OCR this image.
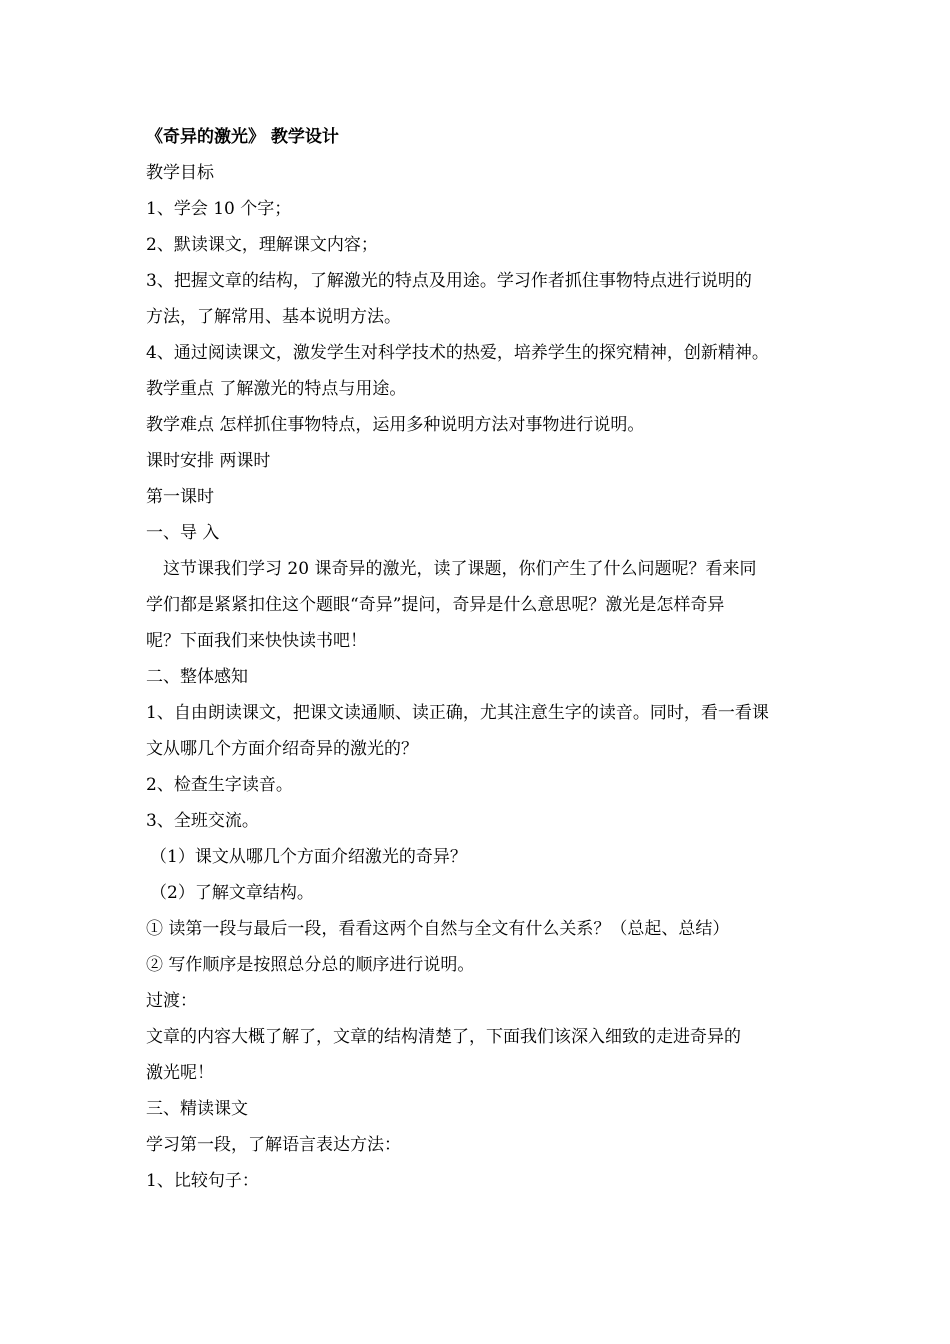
《奇异的激光》 教学设计
教学目标
1、学会 10 个字；
2、默读课文，理解课文内容；
3、把握文章的结构，了解激光的特点及用途。学习作者抓住事物特点进行说明的
方法，了解常用、基本说明方法。
4、通过阅读课文，激发学生对科学技术的热爱，培养学生的探究精神，创新精神。
教学重点 了解激光的特点与用途。
教学难点 怎样抓住事物特点，运用多种说明方法对事物进行说明。
课时安排 两课时
第一课时
一、导 入
这节课我们学习 20 课奇异的激光，读了课题，你们产生了什么问题呢？看来同
学们都是紧紧扣住这个题眼“奇异”提问，奇异是什么意思呢？激光是怎样奇异
呢？下面我们来快快读书吧！
二、整体感知
1、自由朗读课文，把课文读通顺、读正确，尤其注意生字的读音。同时，看一看课
文从哪几个方面介绍奇异的激光的？
2、检查生字读音。
3、全班交流。
（1）课文从哪几个方面介绍激光的奇异？
（2）了解文章结构。
① 读第一段与最后一段，看看这两个自然与全文有什么关系？（总起、总结）
② 写作顺序是按照总分总的顺序进行说明。
过渡：
文章的内容大概了解了，文章的结构清楚了，下面我们该深入细致的走进奇异的
激光呢！
三、精读课文
学习第一段，了解语言表达方法：
1、比较句子：
